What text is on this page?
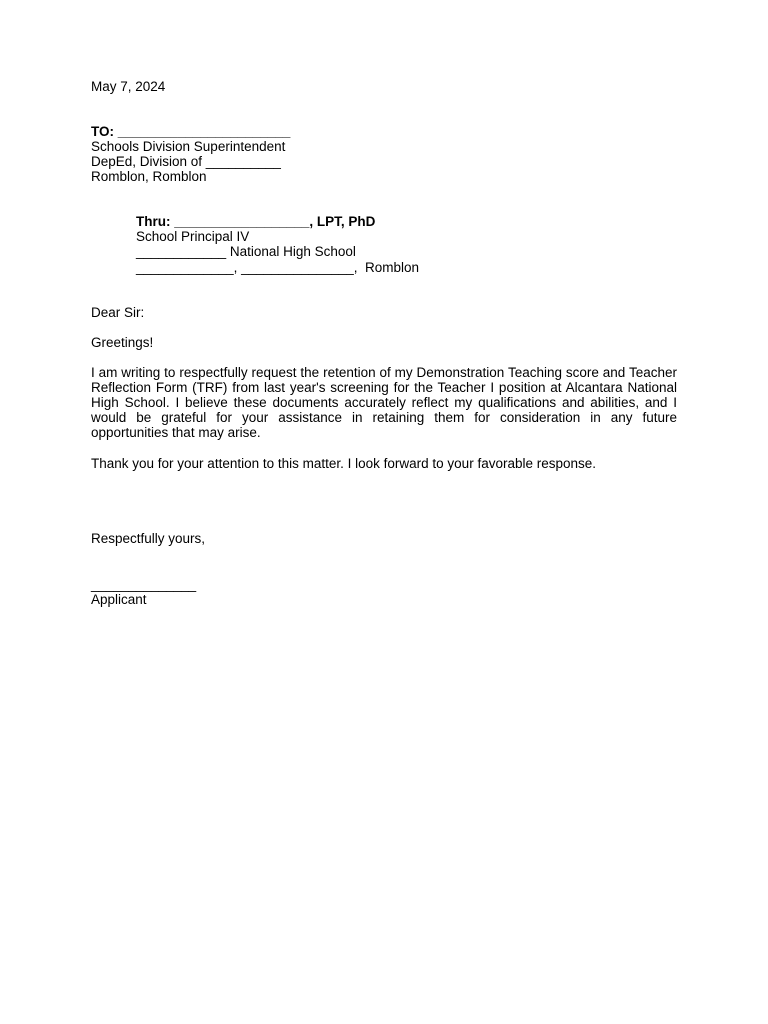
May 7, 2024
TO: _______________________
Schools Division Superintendent
DepEd, Division of __________
Romblon, Romblon
Thru: __________________, LPT, PhD
School Principal IV
____________ National High School
_____________, _______________,  Romblon
Dear Sir:
Greetings!
I am writing to respectfully request the retention of my Demonstration Teaching score and Teacher Reflection Form (TRF) from last year's screening for the Teacher I position at Alcantara National High School. I believe these documents accurately reflect my qualifications and abilities, and I would be grateful for your assistance in retaining them for consideration in any future opportunities that may arise.
Thank you for your attention to this matter. I look forward to your favorable response.
Respectfully yours,
______________
Applicant
